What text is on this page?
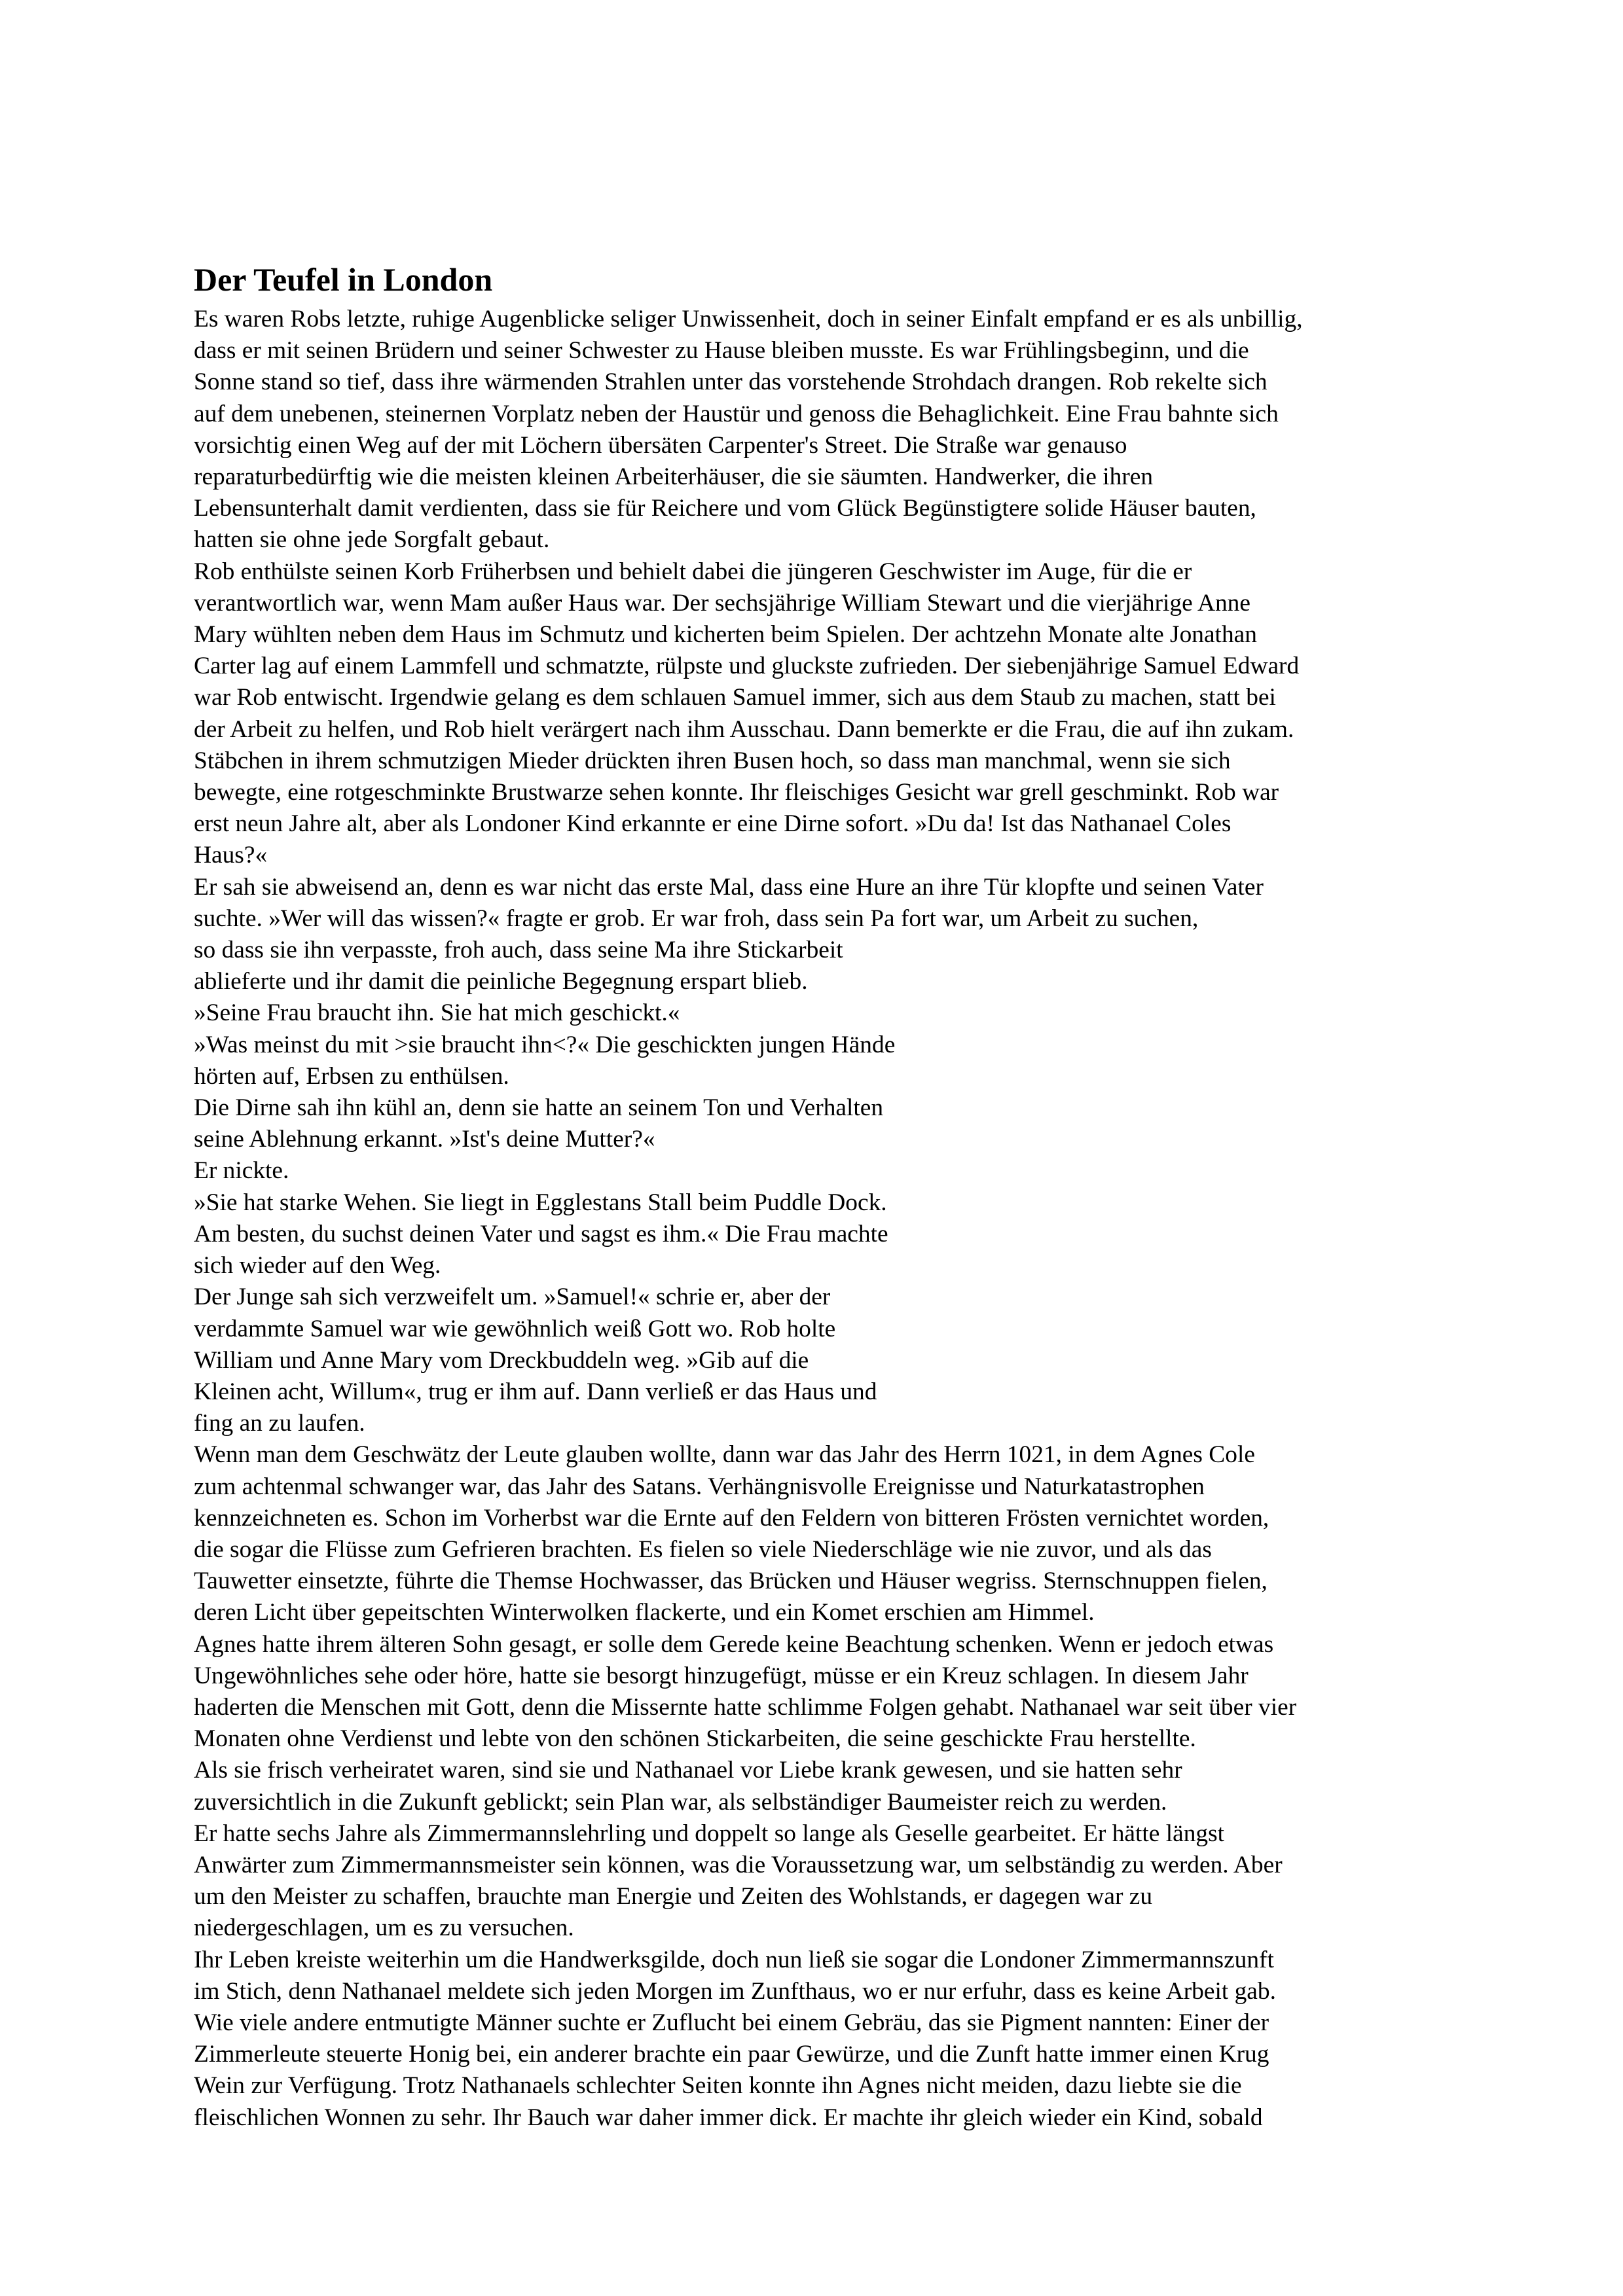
Der Teufel in London

Es waren Robs letzte, ruhige Augenblicke seliger Unwissenheit, doch in seiner Einfalt empfand er es als unbillig,
dass er mit seinen Brüdern und seiner Schwester zu Hause bleiben musste. Es war Frühlingsbeginn, und die
Sonne stand so tief, dass ihre wärmenden Strahlen unter das vorstehende Strohdach drangen. Rob rekelte sich
auf dem unebenen, steinernen Vorplatz neben der Haustür und genoss die Behaglichkeit. Eine Frau bahnte sich
vorsichtig einen Weg auf der mit Löchern übersäten Carpenter's Street. Die Straße war genauso
reparaturbedürftig wie die meisten kleinen Arbeiterhäuser, die sie säumten. Handwerker, die ihren
Lebensunterhalt damit verdienten, dass sie für Reichere und vom Glück Begünstigtere solide Häuser bauten,
hatten sie ohne jede Sorgfalt gebaut.

Rob enthülste seinen Korb Früherbsen und behielt dabei die jüngeren Geschwister im Auge, für die er
verantwortlich war, wenn Mam außer Haus war. Der sechsjährige William Stewart und die vierjährige Anne
Mary wühlten neben dem Haus im Schmutz und kicherten beim Spielen. Der achtzehn Monate alte Jonathan
Carter lag auf einem Lammfell und schmatzte, rülpste und gluckste zufrieden. Der siebenjährige Samuel Edward
war Rob entwischt. Irgendwie gelang es dem schlauen Samuel immer, sich aus dem Staub zu machen, statt bei
der Arbeit zu helfen, und Rob hielt verärgert nach ihm Ausschau. Dann bemerkte er die Frau, die auf ihn zukam.
Stäbchen in ihrem schmutzigen Mieder drückten ihren Busen hoch, so dass man manchmal, wenn sie sich
bewegte, eine rotgeschminkte Brustwarze sehen konnte. Ihr fleischiges Gesicht war grell geschminkt. Rob war
erst neun Jahre alt, aber als Londoner Kind erkannte er eine Dirne sofort. »Du da! Ist das Nathanael Coles
Haus?«

Er sah sie abweisend an, denn es war nicht das erste Mal, dass eine Hure an ihre Tür klopfte und seinen Vater
suchte. »Wer will das wissen?« fragte er grob. Er war froh, dass sein Pa fort war, um Arbeit zu suchen,
so dass sie ihn verpasste, froh auch, dass seine Ma ihre Stickarbeit
ablieferte und ihr damit die peinliche Begegnung erspart blieb.

»Seine Frau braucht ihn. Sie hat mich geschickt.«

»Was meinst du mit >sie braucht ihn<?« Die geschickten jungen Hände
hörten auf, Erbsen zu enthülsen.

Die Dirne sah ihn kühl an, denn sie hatte an seinem Ton und Verhalten
seine Ablehnung erkannt. »Ist's deine Mutter?«

Er nickte.

»Sie hat starke Wehen. Sie liegt in Egglestans Stall beim Puddle Dock.
Am besten, du suchst deinen Vater und sagst es ihm.« Die Frau machte
sich wieder auf den Weg.

Der Junge sah sich verzweifelt um. »Samuel!« schrie er, aber der
verdammte Samuel war wie gewöhnlich weiß Gott wo. Rob holte
William und Anne Mary vom Dreckbuddeln weg. »Gib auf die
Kleinen acht, Willum«, trug er ihm auf. Dann verließ er das Haus und
fing an zu laufen.

Wenn man dem Geschwätz der Leute glauben wollte, dann war das Jahr des Herrn 1021, in dem Agnes Cole
zum achtenmal schwanger war, das Jahr des Satans. Verhängnisvolle Ereignisse und Naturkatastrophen
kennzeichneten es. Schon im Vorherbst war die Ernte auf den Feldern von bitteren Frösten vernichtet worden,
die sogar die Flüsse zum Gefrieren brachten. Es fielen so viele Niederschläge wie nie zuvor, und als das
Tauwetter einsetzte, führte die Themse Hochwasser, das Brücken und Häuser wegriss. Sternschnuppen fielen,
deren Licht über gepeitschten Winterwolken flackerte, und ein Komet erschien am Himmel.

Agnes hatte ihrem älteren Sohn gesagt, er solle dem Gerede keine Beachtung schenken. Wenn er jedoch etwas
Ungewöhnliches sehe oder höre, hatte sie besorgt hinzugefügt, müsse er ein Kreuz schlagen. In diesem Jahr
haderten die Menschen mit Gott, denn die Missernte hatte schlimme Folgen gehabt. Nathanael war seit über vier
Monaten ohne Verdienst und lebte von den schönen Stickarbeiten, die seine geschickte Frau herstellte.

Als sie frisch verheiratet waren, sind sie und Nathanael vor Liebe krank gewesen, und sie hatten sehr
zuversichtlich in die Zukunft geblickt; sein Plan war, als selbständiger Baumeister reich zu werden.

Er hatte sechs Jahre als Zimmermannslehrling und doppelt so lange als Geselle gearbeitet. Er hätte längst
Anwärter zum Zimmermannsmeister sein können, was die Voraussetzung war, um selbständig zu werden. Aber
um den Meister zu schaffen, brauchte man Energie und Zeiten des Wohlstands, er dagegen war zu
niedergeschlagen, um es zu versuchen.

Ihr Leben kreiste weiterhin um die Handwerksgilde, doch nun ließ sie sogar die Londoner Zimmermannszunft
im Stich, denn Nathanael meldete sich jeden Morgen im Zunfthaus, wo er nur erfuhr, dass es keine Arbeit gab.
Wie viele andere entmutigte Männer suchte er Zuflucht bei einem Gebräu, das sie Pigment nannten: Einer der
Zimmerleute steuerte Honig bei, ein anderer brachte ein paar Gewürze, und die Zunft hatte immer einen Krug
Wein zur Verfügung. Trotz Nathanaels schlechter Seiten konnte ihn Agnes nicht meiden, dazu liebte sie die
fleischlichen Wonnen zu sehr. Ihr Bauch war daher immer dick. Er machte ihr gleich wieder ein Kind, sobald
